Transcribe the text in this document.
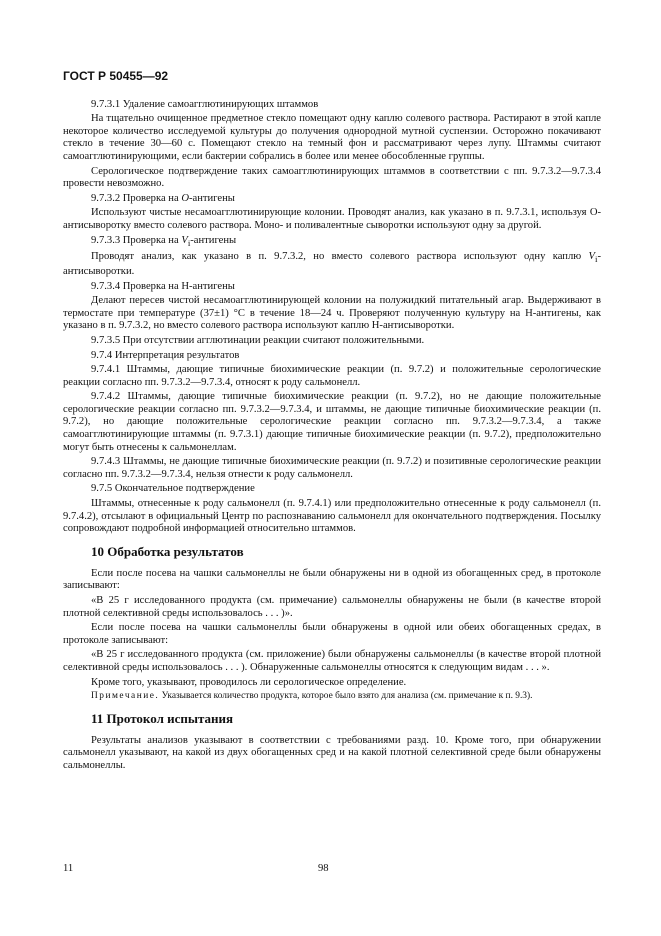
ГОСТ Р 50455—92

9.7.3.1 Удаление самоагглютинирующих штаммов

На тщательно очищенное предметное стекло помещают одну каплю солевого раствора. Растирают в этой капле некоторое количество исследуемой культуры до получения однородной мутной суспензии. Осторожно покачивают стекло в течение 30—60 с. Помещают стекло на темный фон и рассматривают через лупу. Штаммы считают самоагглютинирующими, если бактерии собрались в более или менее обособленные группы.

Серологическое подтверждение таких самоагглютинирующих штаммов в соответствии с пп. 9.7.3.2—9.7.3.4 провести невозможно.

9.7.3.2 Проверка на О-антигены

Используют чистые несамоагглютинирующие колонии. Проводят анализ, как указано в п. 9.7.3.1, используя О-антисыворотку вместо солевого раствора. Моно- и поливалентные сыворотки используют одну за другой.

9.7.3.3 Проверка на $V_i$-антигены

Проводят анализ, как указано в п. 9.7.3.2, но вместо солевого раствора используют одну каплю $V_i$-антисыворотки.

9.7.3.4 Проверка на Н-антигены

Делают пересев чистой несамоагглютинирующей колонии на полужидкий питательный агар. Выдерживают в термостате при температуре (37±1) °С в течение 18—24 ч. Проверяют полученную культуру на Н-антигены, как указано в п. 9.7.3.2, но вместо солевого раствора используют каплю Н-антисыворотки.

9.7.3.5 При отсутствии агглютинации реакции считают положительными.

9.7.4 Интерпретация результатов

9.7.4.1 Штаммы, дающие типичные биохимические реакции (п. 9.7.2) и положительные серологические реакции согласно пп. 9.7.3.2—9.7.3.4, относят к роду сальмонелл.

9.7.4.2 Штаммы, дающие типичные биохимические реакции (п. 9.7.2), но не дающие положительные серологические реакции согласно пп. 9.7.3.2—9.7.3.4, и штаммы, не дающие типичные биохимические реакции (п. 9.7.2), но дающие положительные серологические реакции согласно пп. 9.7.3.2—9.7.3.4, а также самоагглютинирующие штаммы (п. 9.7.3.1) дающие типичные биохимические реакции (п. 9.7.2), предположительно могут быть отнесены к сальмонеллам.

9.7.4.3 Штаммы, не дающие типичные биохимические реакции (п. 9.7.2) и позитивные серологические реакции согласно пп. 9.7.3.2—9.7.3.4, нельзя отнести к роду сальмонелл.

9.7.5 Окончательное подтверждение

Штаммы, отнесенные к роду сальмонелл (п. 9.7.4.1) или предположительно отнесенные к роду сальмонелл (п. 9.7.4.2), отсылают в официальный Центр по распознаванию сальмонелл для окончательного подтверждения. Посылку сопровождают подробной информацией относительно штаммов.

10 Обработка результатов

Если после посева на чашки сальмонеллы не были обнаружены ни в одной из обогащенных сред, в протоколе записывают:

«В 25 г исследованного продукта (см. примечание) сальмонеллы обнаружены не были (в качестве второй плотной селективной среды использовалось . . . )».

Если после посева на чашки сальмонеллы были обнаружены в одной или обеих обогащенных средах, в протоколе записывают:

«В 25 г исследованного продукта (см. приложение) были обнаружены сальмонеллы (в качестве второй плотной селективной среды использовалось . . . ). Обнаруженные сальмонеллы относятся к следующим видам . . . ».

Кроме того, указывают, проводилось ли серологическое определение.

Примечание. Указывается количество продукта, которое было взято для анализа (см. примечание к п. 9.3).

11 Протокол испытания

Результаты анализов указывают в соответствии с требованиями разд. 10. Кроме того, при обнаружении сальмонелл указывают, на какой из двух обогащенных сред и на какой плотной селективной среде были обнаружены сальмонеллы.

11	98
